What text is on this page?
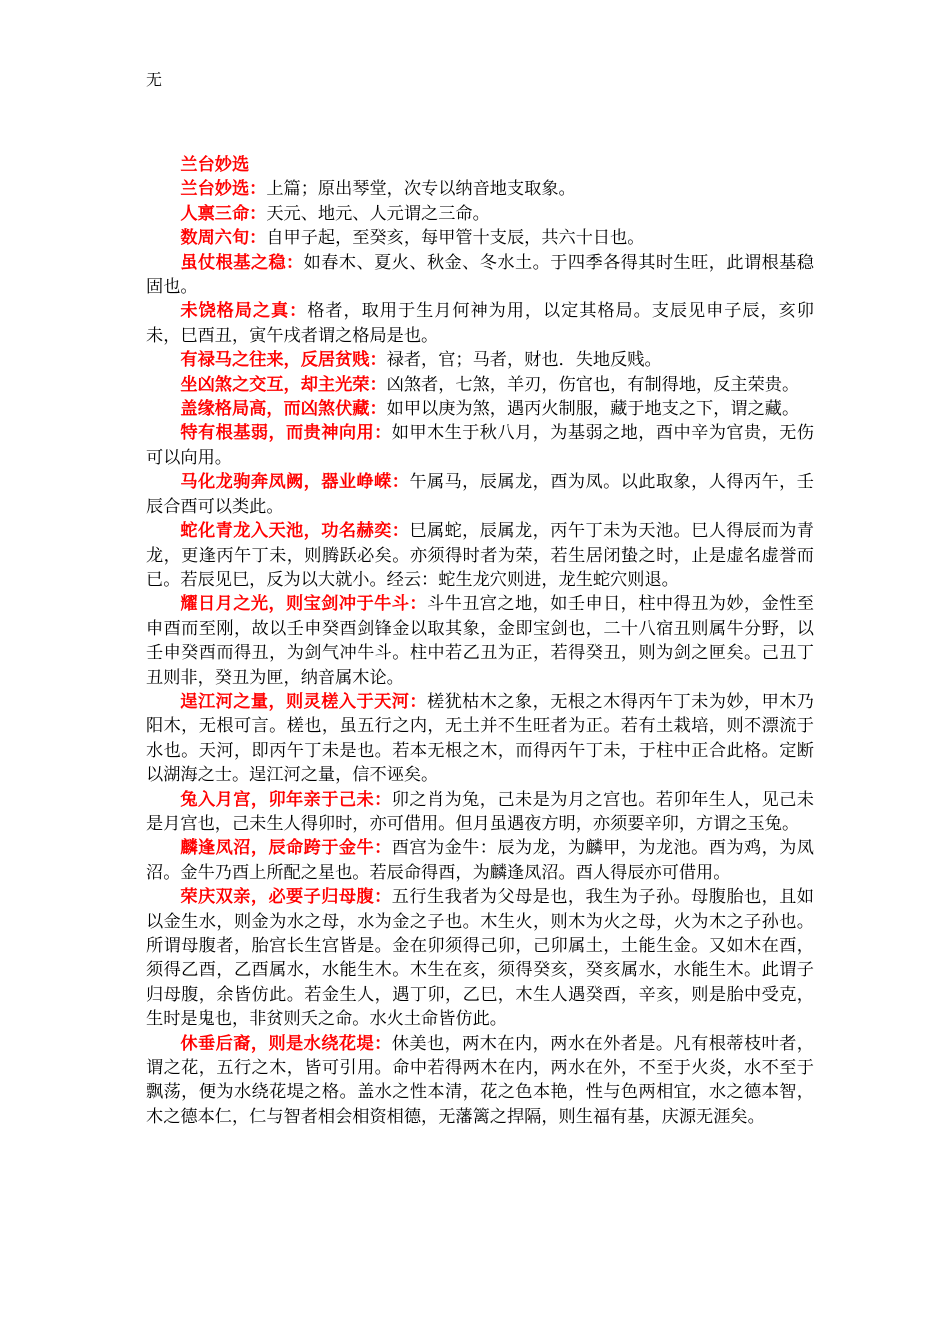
无

兰台妙选

兰台妙选：上篇；原出琴堂，次专以纳音地支取象。

人禀三命：天元、地元、人元谓之三命。

数周六旬：自甲子起，至癸亥，每甲管十支辰，共六十日也。

虽仗根基之稳：如春木、夏火、秋金、冬水土。于四季各得其时生旺，此谓根基稳固也。

未饶格局之真：格者，取用于生月何神为用，以定其格局。支辰见申子辰，亥卯未，巳酉丑，寅午戌者谓之格局是也。

有禄马之往来，反居贫贱：禄者，官；马者，财也．失地反贱。

坐凶煞之交互，却主光荣：凶煞者，七煞，羊刃，伤官也，有制得地，反主荣贵。

盖缘格局高，而凶煞伏藏：如甲以庚为煞，遇丙火制服，藏于地支之下，谓之藏。

特有根基弱，而贵神向用：如甲木生于秋八月，为基弱之地，酉中辛为官贵，无伤可以向用。

马化龙驹奔凤阙，器业峥嵘：午属马，辰属龙，酉为凤。以此取象，人得丙午，壬辰合酉可以类此。

蛇化青龙入天池，功名赫奕：巳属蛇，辰属龙，丙午丁未为天池。巳人得辰而为青龙，更逢丙午丁未，则腾跃必矣。亦须得时者为荣，若生居闭蛰之时，止是虚名虚誉而已。若辰见巳，反为以大就小。经云：蛇生龙穴则进，龙生蛇穴则退。

耀日月之光，则宝剑冲于牛斗：斗牛丑宫之地，如壬申日，柱中得丑为妙，金性至申酉而至刚，故以壬申癸酉剑锋金以取其象，金即宝剑也，二十八宿丑则属牛分野，以壬申癸酉而得丑，为剑气冲牛斗。柱中若乙丑为正，若得癸丑，则为剑之匣矣。己丑丁丑则非，癸丑为匣，纳音属木论。

逞江河之量，则灵槎入于天河：槎犹枯木之象，无根之木得丙午丁未为妙，甲木乃阳木，无根可言。槎也，虽五行之内，无土并不生旺者为正。若有土栽培，则不漂流于水也。天河，即丙午丁未是也。若本无根之木，而得丙午丁未，于柱中正合此格。定断以湖海之士。逞江河之量，信不诬矣。

兔入月宫，卯年亲于己未：卯之肖为兔，己未是为月之宫也。若卯年生人，见己未是月宫也，己未生人得卯时，亦可借用。但月虽遇夜方明，亦须要辛卯，方谓之玉兔。

麟逢凤沼，辰命跨于金牛：酉宫为金牛：辰为龙，为麟甲，为龙池。酉为鸡，为凤沼。金牛乃酉上所配之星也。若辰命得酉，为麟逢凤沼。酉人得辰亦可借用。

荣庆双亲，必要子归母腹：五行生我者为父母是也，我生为子孙。母腹胎也，且如以金生水，则金为水之母，水为金之子也。木生火，则木为火之母，火为木之子孙也。所谓母腹者，胎宫长生宫皆是。金在卯须得己卯，己卯属土，土能生金。又如木在酉，须得乙酉，乙酉属水，水能生木。木生在亥，须得癸亥，癸亥属水，水能生木。此谓子归母腹，余皆仿此。若金生人，遇丁卯，乙巳，木生人遇癸酉，辛亥，则是胎中受克，生时是鬼也，非贫则夭之命。水火土命皆仿此。

休垂后裔，则是水绕花堤：休美也，两木在内，两水在外者是。凡有根蒂枝叶者，谓之花，五行之木，皆可引用。命中若得两木在内，两水在外，不至于火炎，水不至于飘荡，便为水绕花堤之格。盖水之性本清，花之色本艳，性与色两相宜，水之德本智，木之德本仁，仁与智者相会相资相德，无藩篱之捍隔，则生福有基，庆源无涯矣。
